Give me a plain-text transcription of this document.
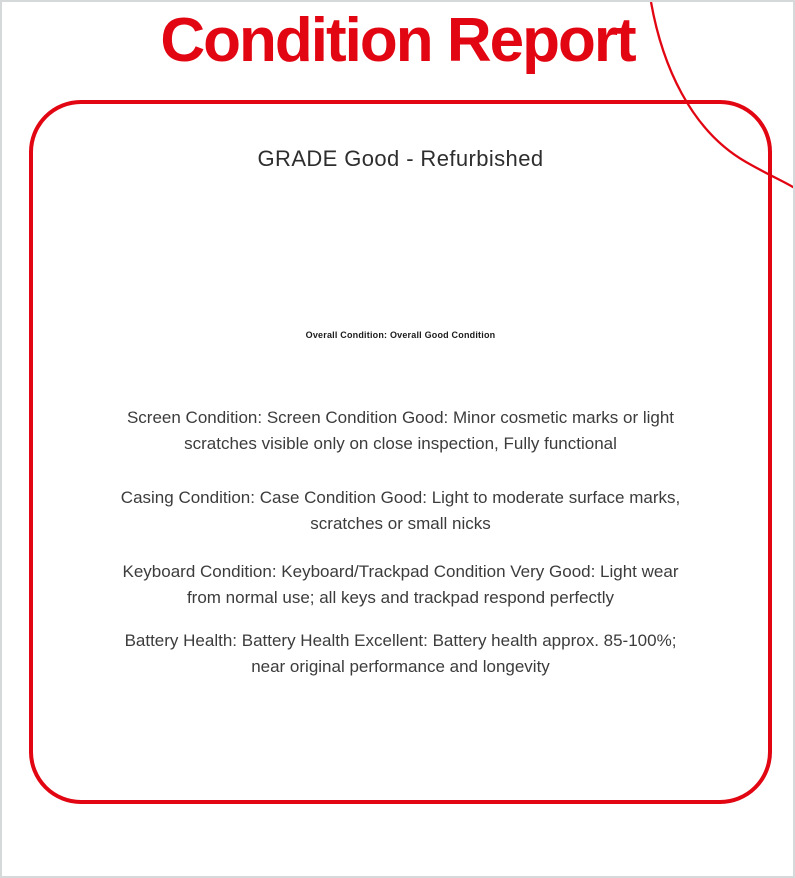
Condition Report
GRADE Good - Refurbished
Overall Condition: Overall Good Condition

Screen Condition: Screen Condition Good: Minor cosmetic marks or light
scratches visible only on close inspection, Fully functional

Casing Condition: Case Condition Good: Light to moderate surface marks,
scratches or small nicks

Keyboard Condition: Keyboard/Trackpad Condition Very Good: Light wear
from normal use; all keys and trackpad respond perfectly

Battery Health: Battery Health Excellent: Battery health approx. 85-100%;
near original performance and longevity
